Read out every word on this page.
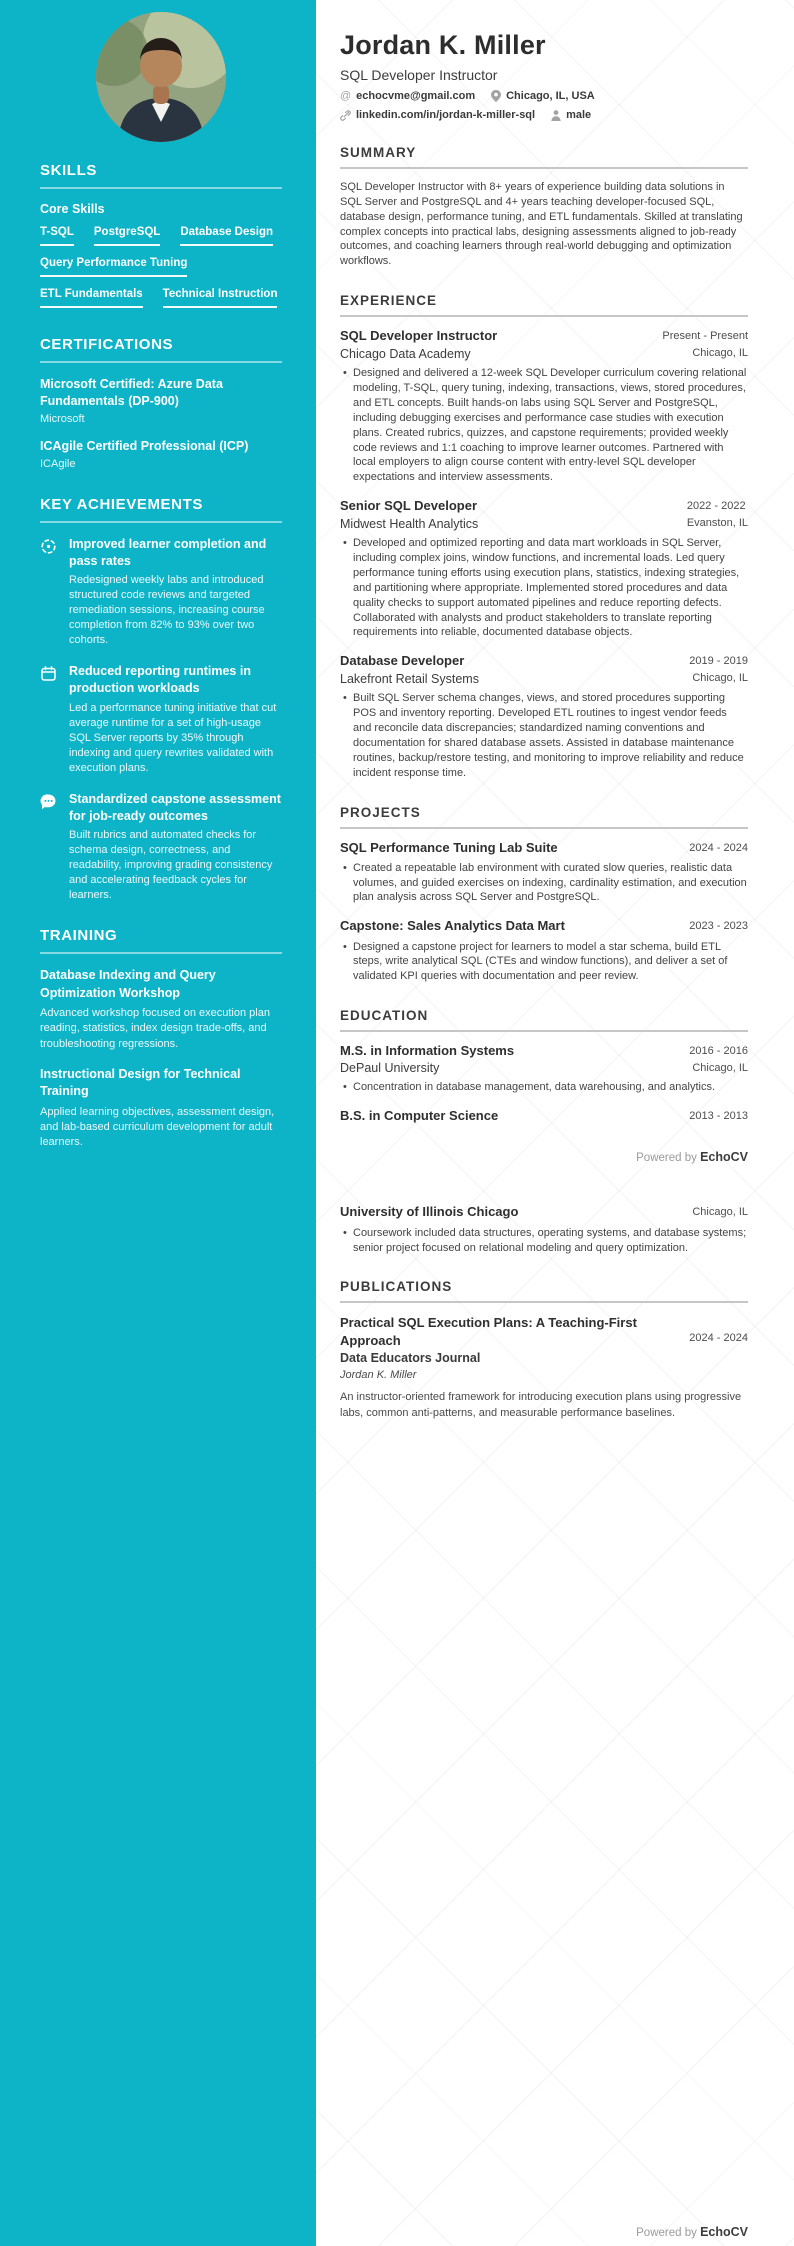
SKILLS
Core Skills
T-SQL PostgreSQL Database Design
Query Performance Tuning
ETL Fundamentals Technical Instruction
CERTIFICATIONS
Microsoft Certified: Azure Data Fundamentals (DP-900)
Microsoft
ICAgile Certified Professional (ICP)
ICAgile
KEY ACHIEVEMENTS
Improved learner completion and pass rates
Redesigned weekly labs and introduced structured code reviews and targeted remediation sessions, increasing course completion from 82% to 93% over two cohorts.
Reduced reporting runtimes in production workloads
Led a performance tuning initiative that cut average runtime for a set of high-usage SQL Server reports by 35% through indexing and query rewrites validated with execution plans.
Standardized capstone assessment for job-ready outcomes
Built rubrics and automated checks for schema design, correctness, and readability, improving grading consistency and accelerating feedback cycles for learners.
TRAINING
Database Indexing and Query Optimization Workshop
Advanced workshop focused on execution plan reading, statistics, index design trade-offs, and troubleshooting regressions.
Instructional Design for Technical Training
Applied learning objectives, assessment design, and lab-based curriculum development for adult learners.
Jordan K. Miller
SQL Developer Instructor
@ echocvme@gmail.com	Chicago, IL, USA
linkedin.com/in/jordan-k-miller-sql	male
SUMMARY

SQL Developer Instructor with 8+ years of experience building data solutions in SQL Server and PostgreSQL and 4+ years teaching developer-focused SQL, database design, performance tuning, and ETL fundamentals. Skilled at translating complex concepts into practical labs, designing assessments aligned to job-ready outcomes, and coaching learners through real-world debugging and optimization workflows.

EXPERIENCE
SQL Developer Instructor
Chicago Data Academy
Present - Present
Chicago, IL
• Designed and delivered a 12-week SQL Developer curriculum covering relational modeling, T-SQL, query tuning, indexing, transactions, views, stored procedures, and ETL concepts. Built hands-on labs using SQL Server and PostgreSQL, including debugging exercises and performance case studies with execution plans. Created rubrics, quizzes, and capstone requirements; provided weekly code reviews and 1:1 coaching to improve learner outcomes. Partnered with local employers to align course content with entry-level SQL developer expectations and interview assessments.
Senior SQL Developer
Midwest Health Analytics
2022 - 2022
Evanston, IL
• Developed and optimized reporting and data mart workloads in SQL Server, including complex joins, window functions, and incremental loads. Led query performance tuning efforts using execution plans, statistics, indexing strategies, and partitioning where appropriate. Implemented stored procedures and data quality checks to support automated pipelines and reduce reporting defects. Collaborated with analysts and product stakeholders to translate reporting requirements into reliable, documented database objects.
Database Developer
Lakefront Retail Systems
2019 - 2019
Chicago, IL
• Built SQL Server schema changes, views, and stored procedures supporting POS and inventory reporting. Developed ETL routines to ingest vendor feeds and reconcile data discrepancies; standardized naming conventions and documentation for shared database assets. Assisted in database maintenance routines, backup/restore testing, and monitoring to improve reliability and reduce incident response time.
PROJECTS
SQL Performance Tuning Lab Suite	2024 - 2024
• Created a repeatable lab environment with curated slow queries, realistic data volumes, and guided exercises on indexing, cardinality estimation, and execution plan analysis across SQL Server and PostgreSQL.
Capstone: Sales Analytics Data Mart	2023 - 2023
• Designed a capstone project for learners to model a star schema, build ETL steps, write analytical SQL (CTEs and window functions), and deliver a set of validated KPI queries with documentation and peer review.
EDUCATION
M.S. in Information Systems
DePaul University
2016 - 2016
Chicago, IL
• Concentration in database management, data warehousing, and analytics.
B.S. in Computer Science	2013 - 2013
Powered by EchoCV
University of Illinois Chicago	Chicago, IL
• Coursework included data structures, operating systems, and database systems; senior project focused on relational modeling and query optimization.
PUBLICATIONS
Practical SQL Execution Plans: A Teaching-First Approach
Data Educators Journal
Jordan K. Miller
2024 - 2024
An instructor-oriented framework for introducing execution plans using progressive labs, common anti-patterns, and measurable performance baselines.
Powered by EchoCV
